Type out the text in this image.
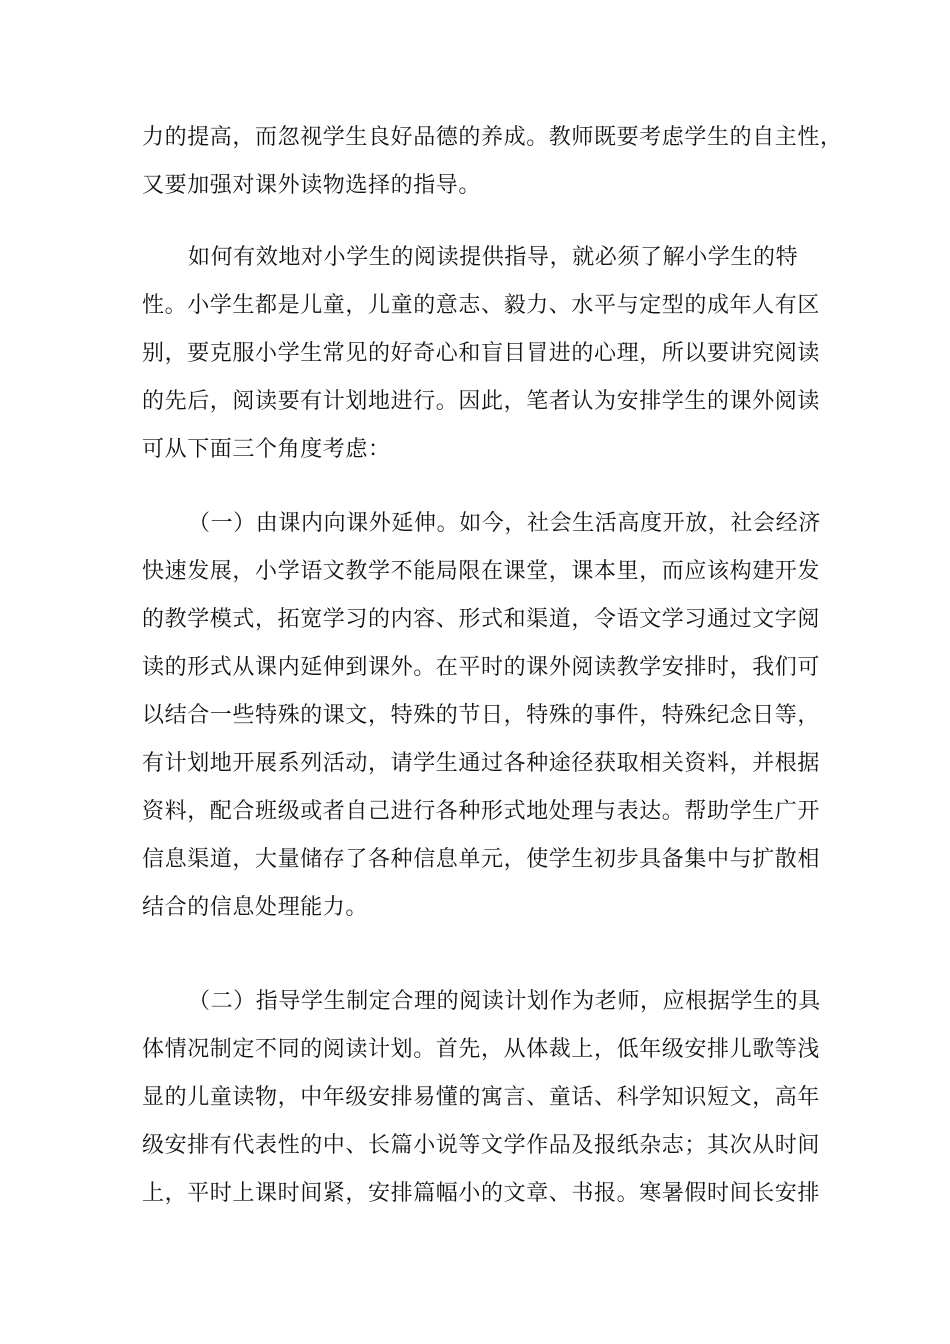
力的提高，而忽视学生良好品德的养成。教师既要考虑学生的自主性，
又要加强对课外读物选择的指导。
如何有效地对小学生的阅读提供指导，就必须了解小学生的特
性。小学生都是儿童，儿童的意志、毅力、水平与定型的成年人有区
别，要克服小学生常见的好奇心和盲目冒进的心理，所以要讲究阅读
的先后，阅读要有计划地进行。因此，笔者认为安排学生的课外阅读
可从下面三个角度考虑：
（一）由课内向课外延伸。如今，社会生活高度开放，社会经济
快速发展，小学语文教学不能局限在课堂，课本里，而应该构建开发
的教学模式，拓宽学习的内容、形式和渠道，令语文学习通过文字阅
读的形式从课内延伸到课外。在平时的课外阅读教学安排时，我们可
以结合一些特殊的课文，特殊的节日，特殊的事件，特殊纪念日等，
有计划地开展系列活动，请学生通过各种途径获取相关资料，并根据
资料，配合班级或者自己进行各种形式地处理与表达。帮助学生广开
信息渠道，大量储存了各种信息单元，使学生初步具备集中与扩散相
结合的信息处理能力。
（二）指导学生制定合理的阅读计划作为老师，应根据学生的具
体情况制定不同的阅读计划。首先，从体裁上，低年级安排儿歌等浅
显的儿童读物，中年级安排易懂的寓言、童话、科学知识短文，高年
级安排有代表性的中、长篇小说等文学作品及报纸杂志；其次从时间
上，平时上课时间紧，安排篇幅小的文章、书报。寒暑假时间长安排
